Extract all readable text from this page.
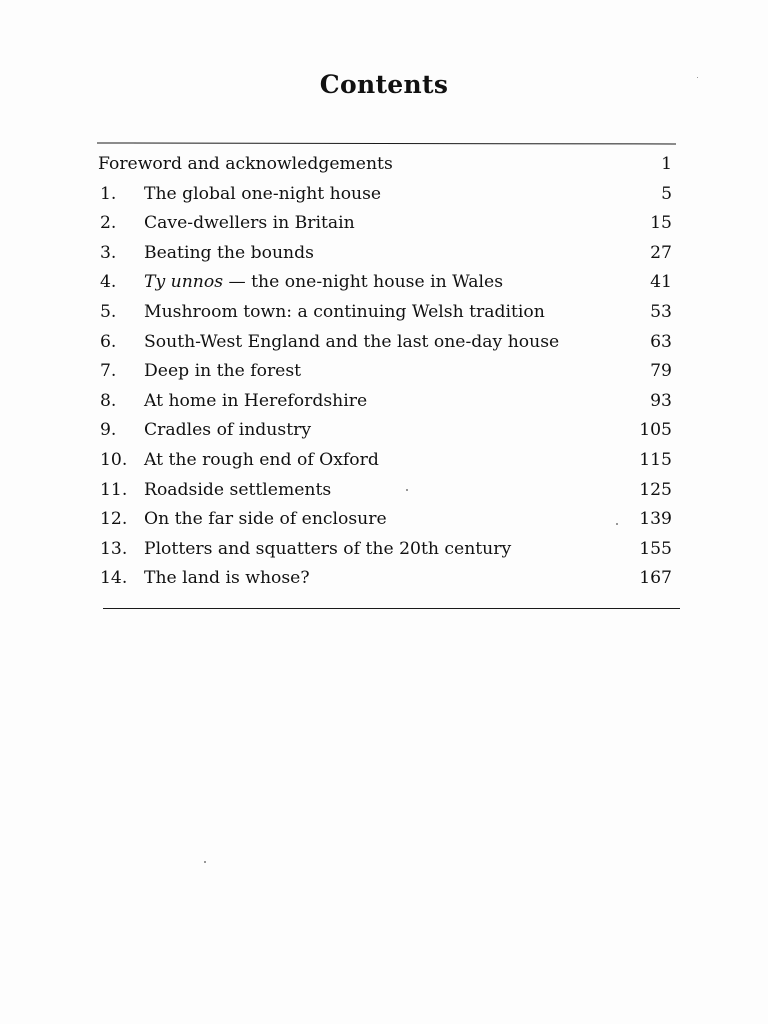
Contents
Foreword and acknowledgements	1
1. The global one-night house	5
2. Cave-dwellers in Britain	15
3. Beating the bounds	27
4. Ty unnos — the one-night house in Wales	41
5. Mushroom town: a continuing Welsh tradition	53
6. South-West England and the last one-day house	63
7. Deep in the forest	79
8. At home in Herefordshire	93
9. Cradles of industry	105
10. At the rough end of Oxford	115
11. Roadside settlements	125
12. On the far side of enclosure	139
13. Plotters and squatters of the 20th century	155
14. The land is whose?	167
